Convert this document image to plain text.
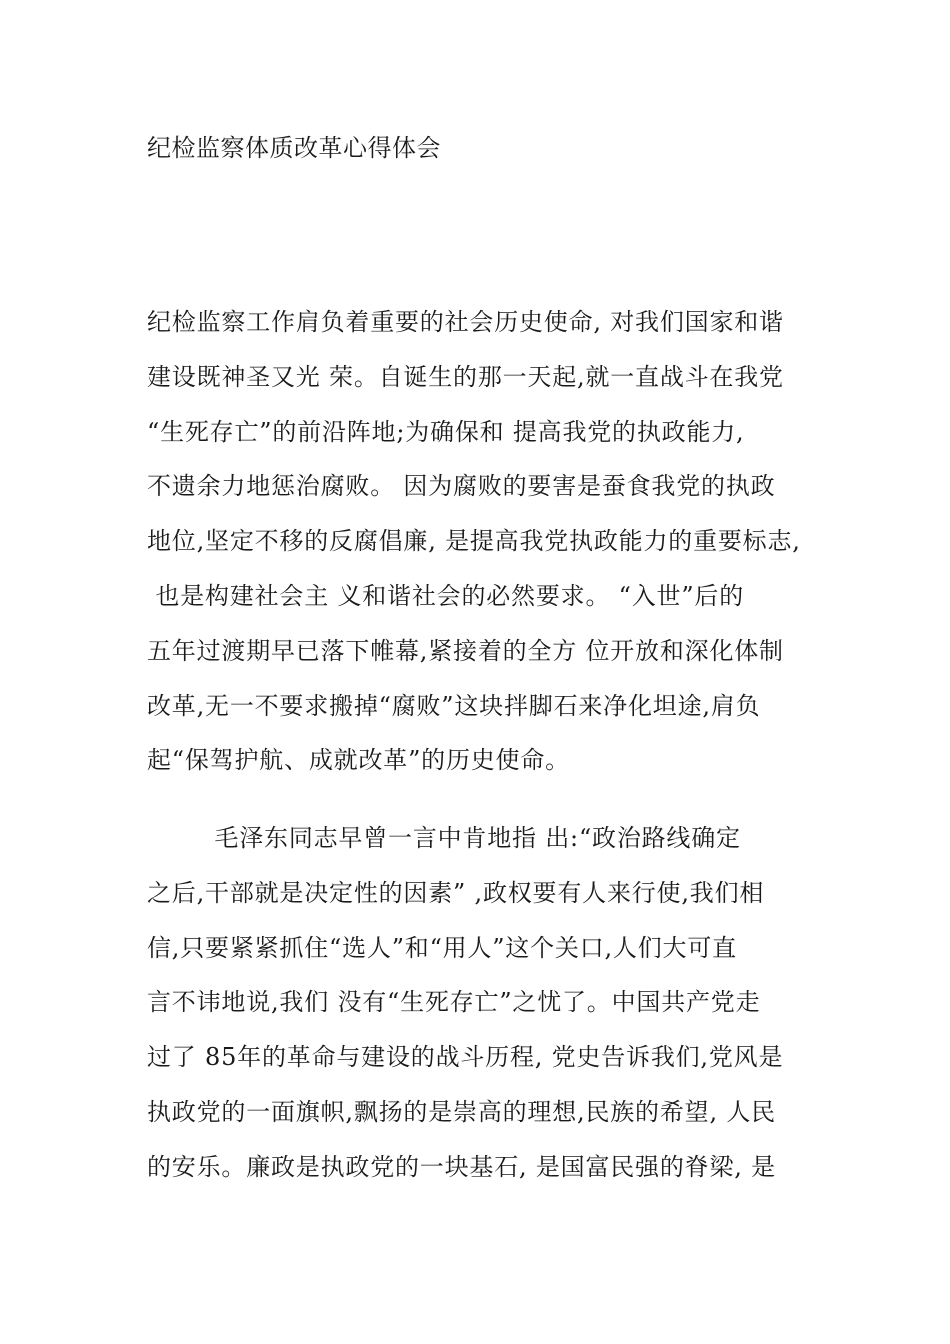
纪检监察体质改革心得体会
纪检监察工作肩负着重要的社会历史使命, 对我们国家和谐
建设既神圣又光 荣。自诞生的那一天起,就一直战斗在我党
“生死存亡”的前沿阵地;为确保和 提高我党的执政能力,
不遗余力地惩治腐败。 因为腐败的要害是蚕食我党的执政
地位,坚定不移的反腐倡廉, 是提高我党执政能力的重要标志,
也是构建社会主 义和谐社会的必然要求。 “入世”后的
五年过渡期早已落下帷幕,紧接着的全方 位开放和深化体制
改革,无一不要求搬掉“腐败”这块拌脚石来净化坦途,肩负
起“保驾护航、成就改革”的历史使命。
毛泽东同志早曾一言中肯地指 出:“政治路线确定
之后,干部就是决定性的因素” ,政权要有人来行使,我们相
信,只要紧紧抓住“选人”和“用人”这个关口,人们大可直
言不讳地说,我们 没有“生死存亡”之忧了。中国共产党走
过了 85年的革命与建设的战斗历程, 党史告诉我们,党风是
执政党的一面旗帜,飘扬的是崇高的理想,民族的希望, 人民
的安乐。廉政是执政党的一块基石, 是国富民强的脊梁, 是
